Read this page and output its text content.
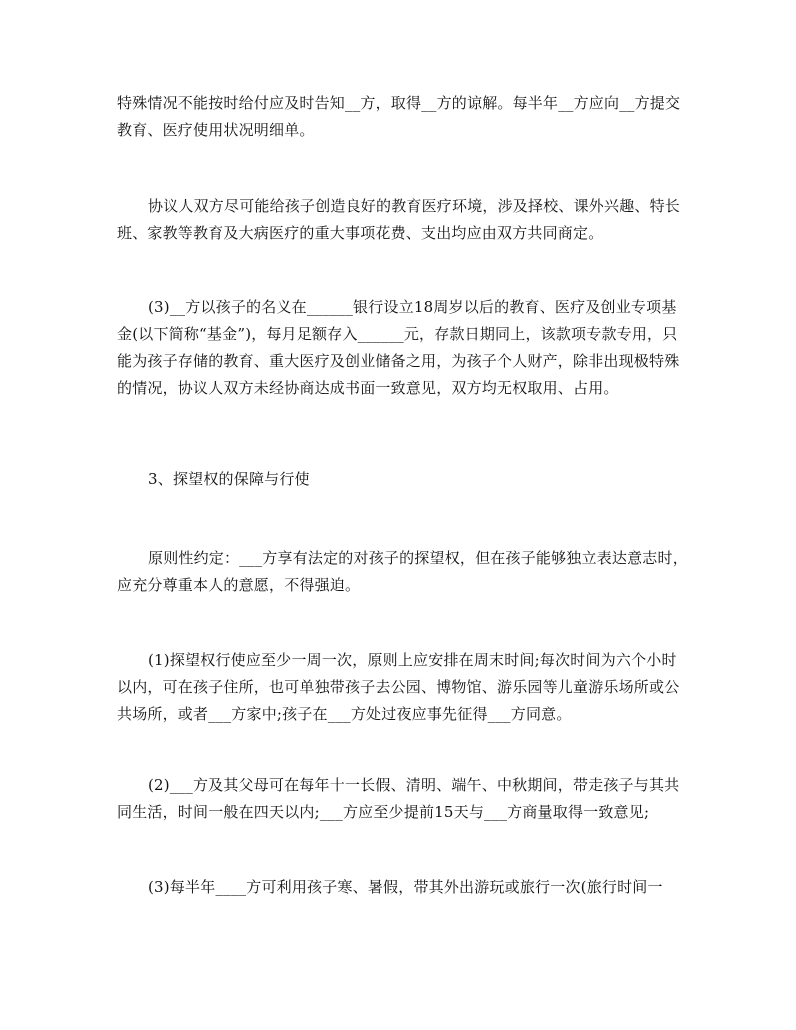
特殊情况不能按时给付应及时告知__方，取得__方的谅解。每半年__方应向__方提交教育、医疗使用状况明细单。

协议人双方尽可能给孩子创造良好的教育医疗环境，涉及择校、课外兴趣、特长班、家教等教育及大病医疗的重大事项花费、支出均应由双方共同商定。

(3)__方以孩子的名义在______银行设立18周岁以后的教育、医疗及创业专项基金(以下简称“基金”)，每月足额存入______元，存款日期同上，该款项专款专用，只能为孩子存储的教育、重大医疗及创业储备之用，为孩子个人财产，除非出现极特殊的情况，协议人双方未经协商达成书面一致意见，双方均无权取用、占用。

3、探望权的保障与行使

原则性约定：___方享有法定的对孩子的探望权，但在孩子能够独立表达意志时，应充分尊重本人的意愿，不得强迫。

(1)探望权行使应至少一周一次，原则上应安排在周末时间;每次时间为六个小时以内，可在孩子住所，也可单独带孩子去公园、博物馆、游乐园等儿童游乐场所或公共场所，或者___方家中;孩子在___方处过夜应事先征得___方同意。

(2)___方及其父母可在每年十一长假、清明、端午、中秋期间，带走孩子与其共同生活，时间一般在四天以内;___方应至少提前15天与___方商量取得一致意见;

(3)每半年____方可利用孩子寒、暑假，带其外出游玩或旅行一次(旅行时间一
